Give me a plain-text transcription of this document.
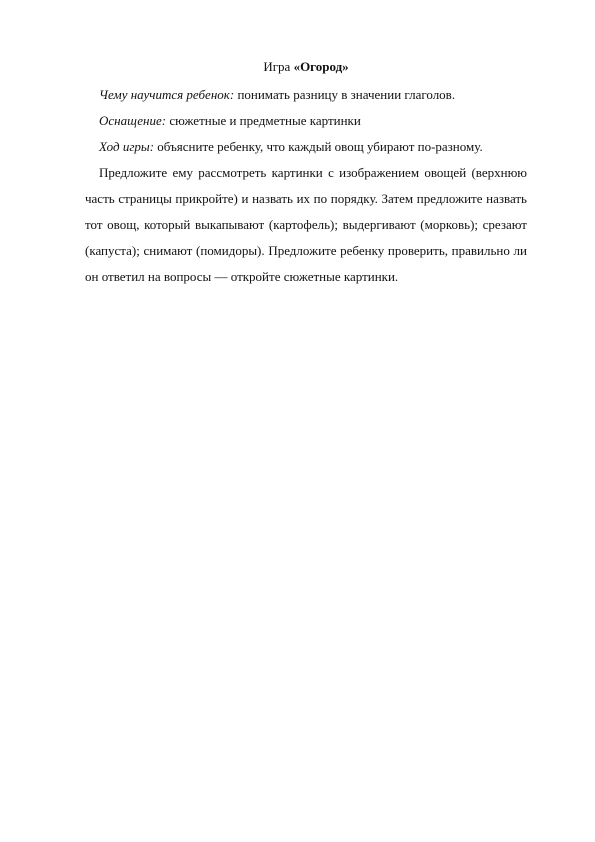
Игра «Огород»

Чему научится ребенок: понимать разницу в значении глаголов.

Оснащение: сюжетные и предметные картинки

Ход игры: объясните ребенку, что каждый овощ убирают по-разному.

Предложите ему рассмотреть картинки с изображением овощей (верхнюю часть страницы прикройте) и назвать их по порядку. Затем предложите назвать тот овощ, который выкапывают (картофель); выдергивают (морковь); срезают (капуста); снимают (помидоры). Предложите ребенку проверить, правильно ли он ответил на вопросы — откройте сюжетные картинки.
